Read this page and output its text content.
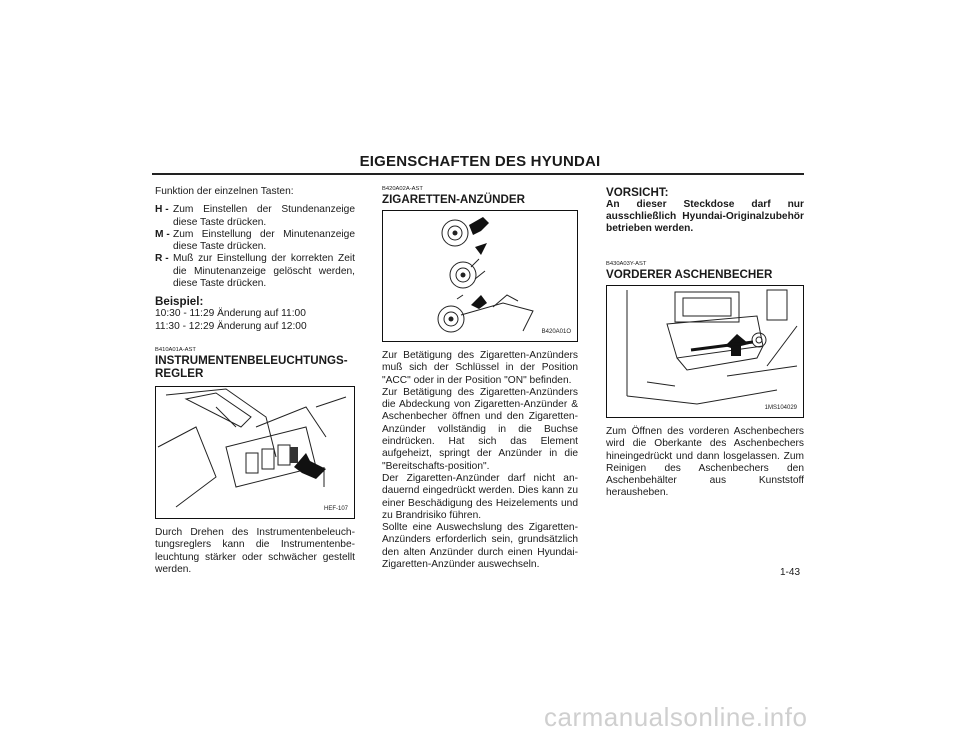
EIGENSCHAFTEN DES HYUNDAI

Funktion der einzelnen Tasten:

H - Zum Einstellen der Stundenanzeige diese Taste drücken.
M - Zum Einstellung der Minutenanzeige diese Taste drücken.
R - Muß zur Einstellung der korrekten Zeit die Minutenanzeige gelöscht werden, diese Taste drücken.

Beispiel:

10:30 - 11:29 Änderung auf 11:00

11:30 - 12:29 Änderung auf 12:00

B410A01A-AST

INSTRUMENTENBELEUCHTUNGS-REGLER

HEF-107

Durch Drehen des Instrumentenbeleuch-tungsreglers kann die Instrumentenbe-leuchtung stärker oder schwächer gestellt werden.

B420A02A-AST

ZIGARETTEN-ANZÜNDER

B420A01O

Zur Betätigung des Zigaretten-Anzünders muß sich der Schlüssel in der Position "ACC" oder in der Position "ON" befinden.

Zur Betätigung des Zigaretten-Anzünders die Abdeckung von Zigaretten-Anzünder & Aschenbecher öffnen und den Zigaretten-Anzünder vollständig in die Buchse eindrücken. Hat sich das Element aufgeheizt, springt der Anzünder in die "Bereitschafts-position".

Der Zigaretten-Anzünder darf nicht an-dauernd eingedrückt werden. Dies kann zu einer Beschädigung des Heizelements und zu Brandrisiko führen.

Sollte eine Auswechslung des Zigaretten-Anzünders erforderlich sein, grundsätzlich den alten Anzünder durch einen Hyundai-Zigaretten-Anzünder auswechseln.

VORSICHT:

An dieser Steckdose darf nur ausschließlich Hyundai-Originalzubehör betrieben werden.

B430A03Y-AST

VORDERER ASCHENBECHER

1MS104029

Zum Öffnen des vorderen Aschenbechers wird die Oberkante des Aschenbechers hineingedrückt und dann losgelassen. Zum Reinigen des Aschenbechers den Aschenbehälter aus Kunststoff herausheben.

1-43
carmanualsonline.info
